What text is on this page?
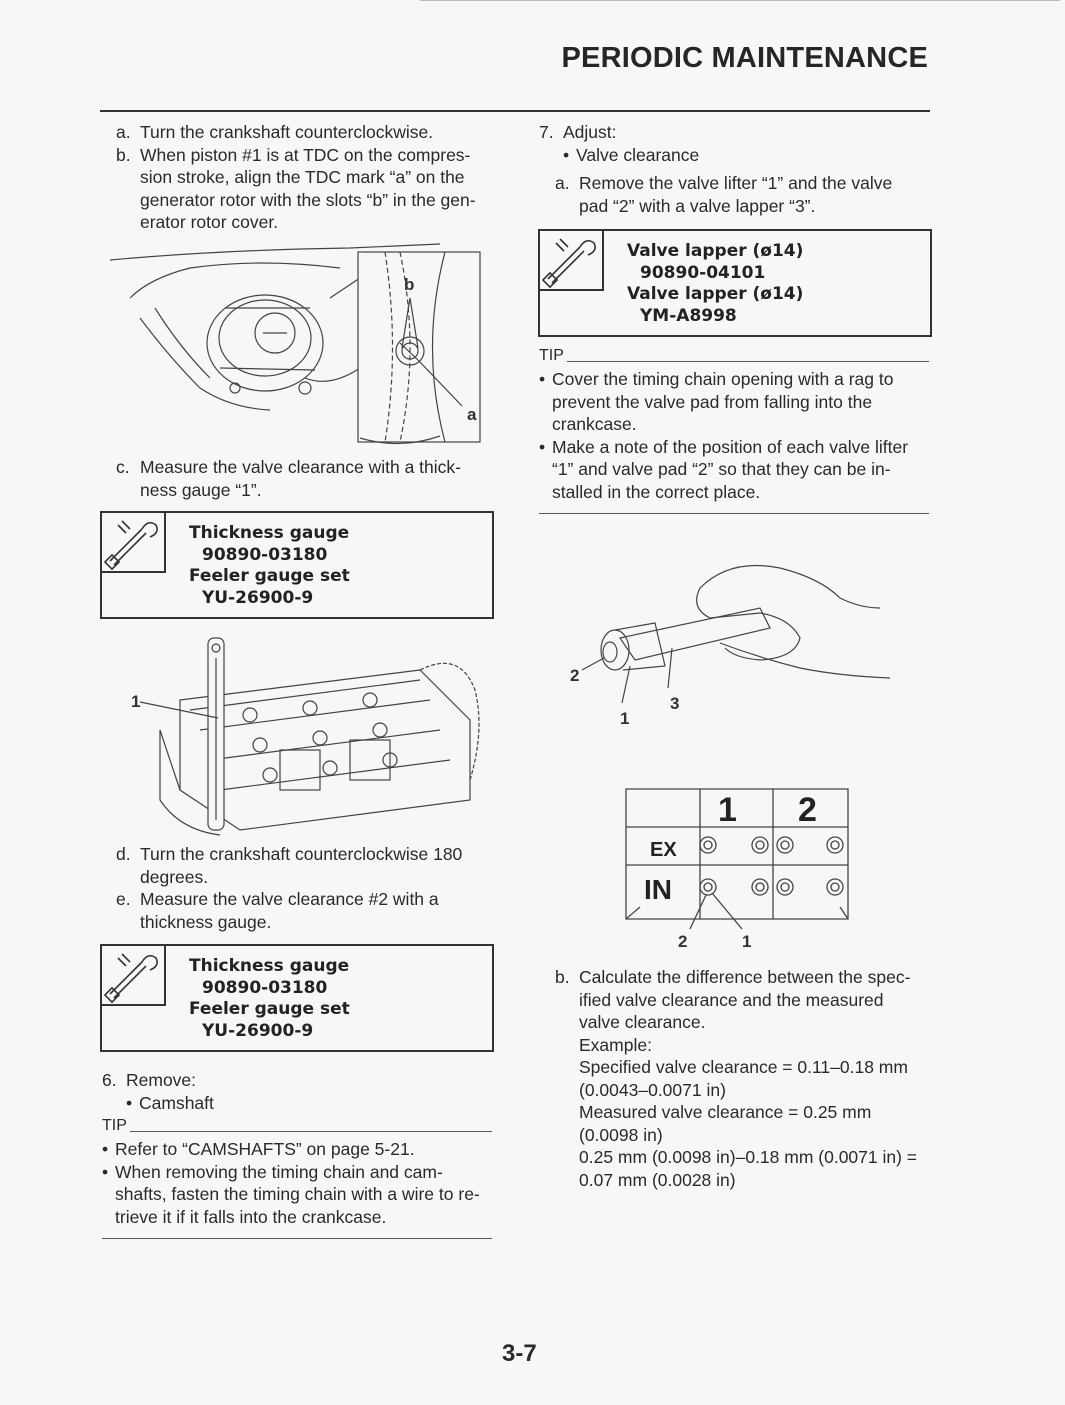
PERIODIC MAINTENANCE
a. Turn the crankshaft counterclockwise.
b. When piston #1 is at TDC on the compres-
sion stroke, align the TDC mark “a” on the
generator rotor with the slots “b” in the gen-
erator rotor cover.
b
a
c. Measure the valve clearance with a thick-
ness gauge “1”.
Thickness gauge
90890-03180
Feeler gauge set
YU-26900-9
1
d. Turn the crankshaft counterclockwise 180
degrees.
e. Measure the valve clearance #2 with a
thickness gauge.
Thickness gauge
90890-03180
Feeler gauge set
YU-26900-9
6. Remove:
• Camshaft
TIP
• Refer to “CAMSHAFTS” on page 5-21.
• When removing the timing chain and cam-
shafts, fasten the timing chain with a wire to re-
trieve it if it falls into the crankcase.
7. Adjust:
• Valve clearance
a. Remove the valve lifter “1” and the valve
pad “2” with a valve lapper “3”.
Valve lapper (ø14)
90890-04101
Valve lapper (ø14)
YM-A8998
TIP
• Cover the timing chain opening with a rag to
prevent the valve pad from falling into the
crankcase.
• Make a note of the position of each valve lifter
“1” and valve pad “2” so that they can be in-
stalled in the correct place.
2
1
3
1 2
EX
IN
2	1
b. Calculate the difference between the spec-
ified valve clearance and the measured
valve clearance.
Example:
Specified valve clearance = 0.11–0.18 mm
(0.0043–0.0071 in)
Measured valve clearance = 0.25 mm
(0.0098 in)
0.25 mm (0.0098 in)–0.18 mm (0.0071 in) =
0.07 mm (0.0028 in)
3-7
